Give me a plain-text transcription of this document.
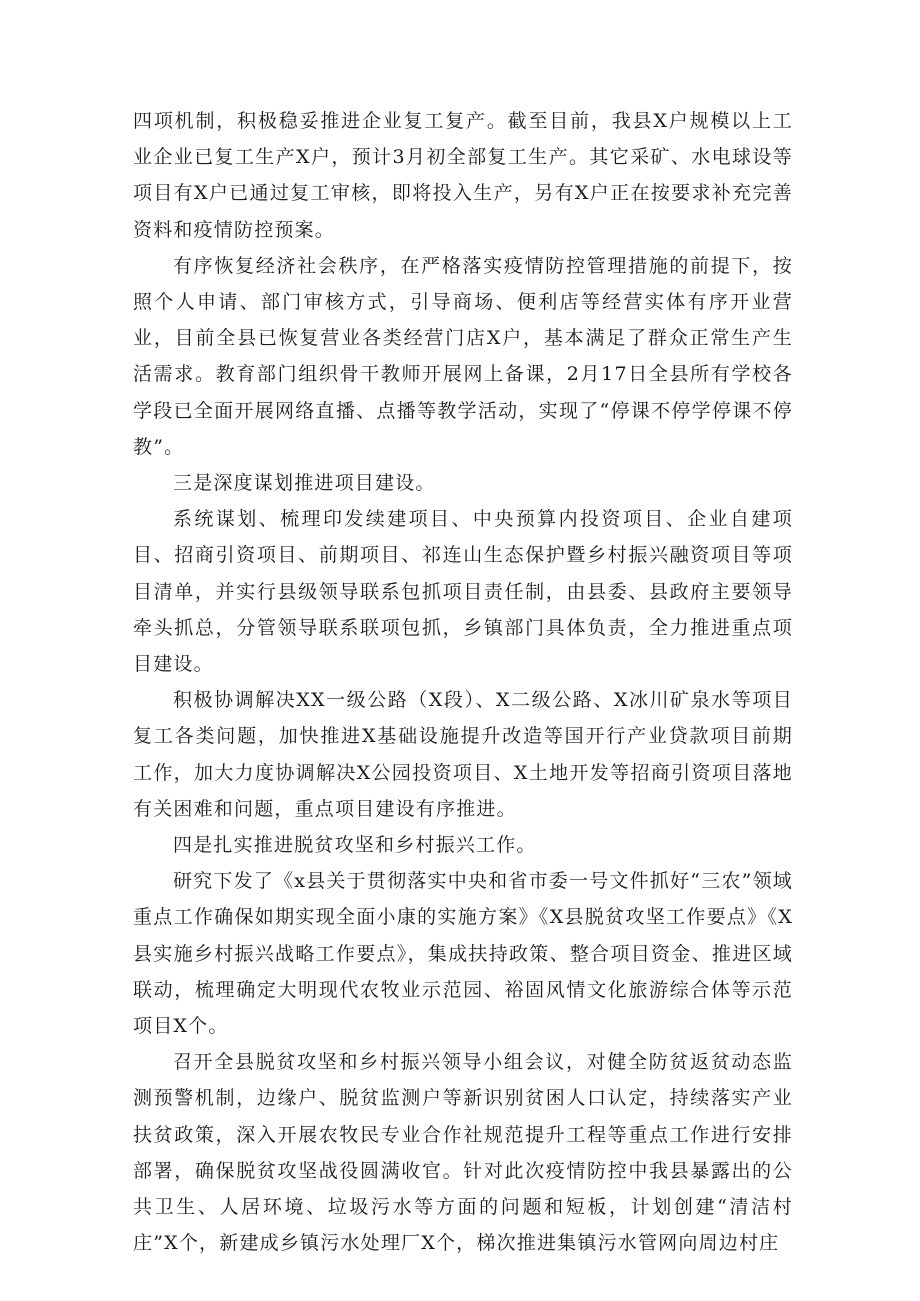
四项机制，积极稳妥推进企业复工复产。截至目前，我县X户规模以上工业企业已复工生产X户，预计3月初全部复工生产。其它采矿、水电球设等项目有X户已通过复工审核，即将投入生产，另有X户正在按要求补充完善资料和疫情防控预案。

有序恢复经济社会秩序，在严格落实疫情防控管理措施的前提下，按照个人申请、部门审核方式，引导商场、便利店等经营实体有序开业营业，目前全县已恢复营业各类经营门店X户，基本满足了群众正常生产生活需求。教育部门组织骨干教师开展网上备课，2月17日全县所有学校各学段已全面开展网络直播、点播等教学活动，实现了“停课不停学停课不停教”。

三是深度谋划推进项目建设。

系统谋划、梳理印发续建项目、中央预算内投资项目、企业自建项目、招商引资项目、前期项目、祁连山生态保护暨乡村振兴融资项目等项目清单，并实行县级领导联系包抓项目责任制，由县委、县政府主要领导牵头抓总，分管领导联系联项包抓，乡镇部门具体负责，全力推进重点项目建设。

积极协调解决XX一级公路（X段）、X二级公路、X冰川矿泉水等项目复工各类问题，加快推进X基础设施提升改造等国开行产业贷款项目前期工作，加大力度协调解决X公园投资项目、X土地开发等招商引资项目落地有关困难和问题，重点项目建设有序推进。

四是扎实推进脱贫攻坚和乡村振兴工作。

研究下发了《x县关于贯彻落实中央和省市委一号文件抓好“三农”领域重点工作确保如期实现全面小康的实施方案》《X县脱贫攻坚工作要点》《X县实施乡村振兴战略工作要点》，集成扶持政策、整合项目资金、推进区域联动，梳理确定大明现代农牧业示范园、裕固风情文化旅游综合体等示范项目X个。

召开全县脱贫攻坚和乡村振兴领导小组会议，对健全防贫返贫动态监测预警机制，边缘户、脱贫监测户等新识别贫困人口认定，持续落实产业扶贫政策，深入开展农牧民专业合作社规范提升工程等重点工作进行安排部署，确保脱贫攻坚战役圆满收官。针对此次疫情防控中我县暴露出的公共卫生、人居环境、垃圾污水等方面的问题和短板，计划创建“清洁村庄”X个，新建成乡镇污水处理厂X个，梯次推进集镇污水管网向周边村庄
